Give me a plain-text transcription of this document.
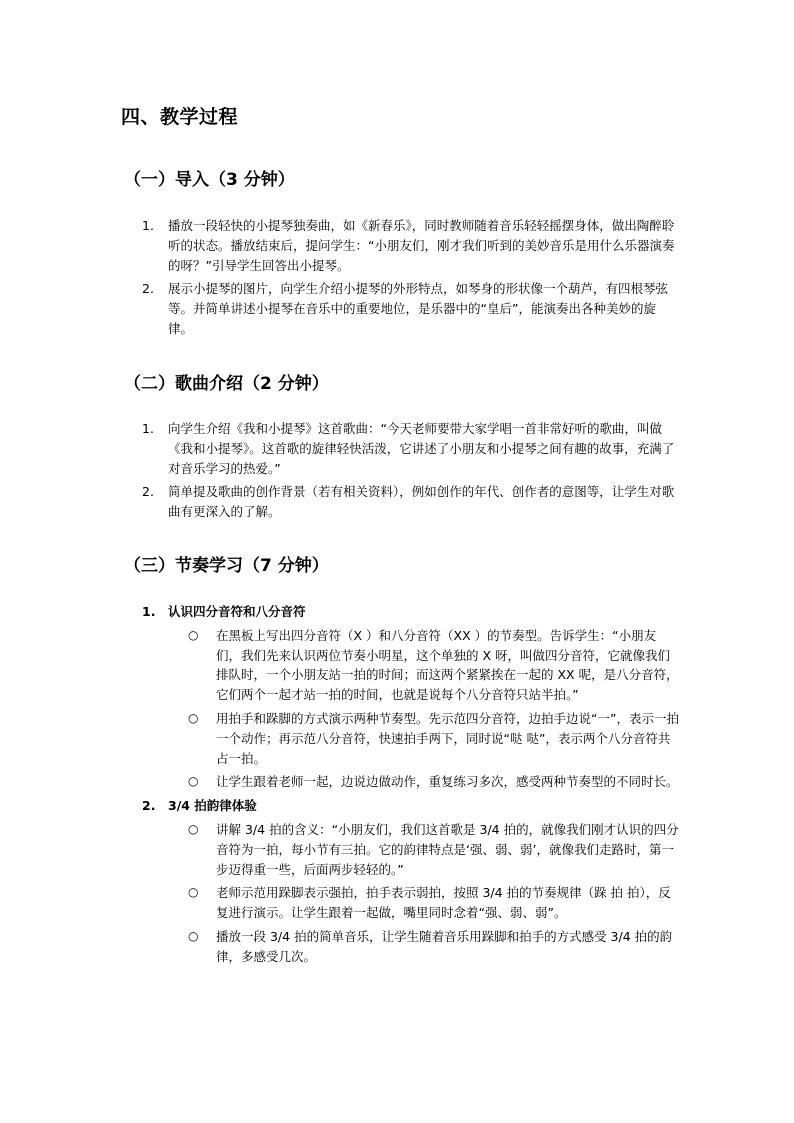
四、教学过程
（一）导入（3 分钟）
1. 播放一段轻快的小提琴独奏曲，如《新春乐》，同时教师随着音乐轻轻摇摆身体，做出陶醉聆听的状态。播放结束后，提问学生：“小朋友们，刚才我们听到的美妙音乐是用什么乐器演奏的呀？”引导学生回答出小提琴。
2. 展示小提琴的图片，向学生介绍小提琴的外形特点，如琴身的形状像一个葫芦，有四根琴弦等。并简单讲述小提琴在音乐中的重要地位，是乐器中的“皇后”，能演奏出各种美妙的旋律。
（二）歌曲介绍（2 分钟）
1. 向学生介绍《我和小提琴》这首歌曲：“今天老师要带大家学唱一首非常好听的歌曲，叫做《我和小提琴》。这首歌的旋律轻快活泼，它讲述了小朋友和小提琴之间有趣的故事，充满了对音乐学习的热爱。”
2. 简单提及歌曲的创作背景（若有相关资料），例如创作的年代、创作者的意图等，让学生对歌曲有更深入的了解。
（三）节奏学习（7 分钟）
1. 认识四分音符和八分音符
○ 在黑板上写出四分音符（X ）和八分音符（XX ）的节奏型。告诉学生：“小朋友们，我们先来认识两位节奏小明星，这个单独的 X 呀，叫做四分音符，它就像我们排队时，一个小朋友站一拍的时间；而这两个紧紧挨在一起的 XX 呢，是八分音符，它们两个一起才站一拍的时间，也就是说每个八分音符只站半拍。”
○ 用拍手和跺脚的方式演示两种节奏型。先示范四分音符，边拍手边说“一”，表示一拍一个动作；再示范八分音符，快速拍手两下，同时说“哒 哒”，表示两个八分音符共占一拍。
○ 让学生跟着老师一起，边说边做动作，重复练习多次，感受两种节奏型的不同时长。
2. 3/4 拍韵律体验
○ 讲解 3/4 拍的含义：“小朋友们，我们这首歌是 3/4 拍的，就像我们刚才认识的四分音符为一拍，每小节有三拍。它的韵律特点是‘强、弱、弱’，就像我们走路时，第一步迈得重一些，后面两步轻轻的。”
○ 老师示范用跺脚表示强拍，拍手表示弱拍，按照 3/4 拍的节奏规律（跺 拍 拍），反复进行演示。让学生跟着一起做，嘴里同时念着“强、弱、弱”。
○ 播放一段 3/4 拍的简单音乐，让学生随着音乐用跺脚和拍手的方式感受 3/4 拍的韵律，多感受几次。
